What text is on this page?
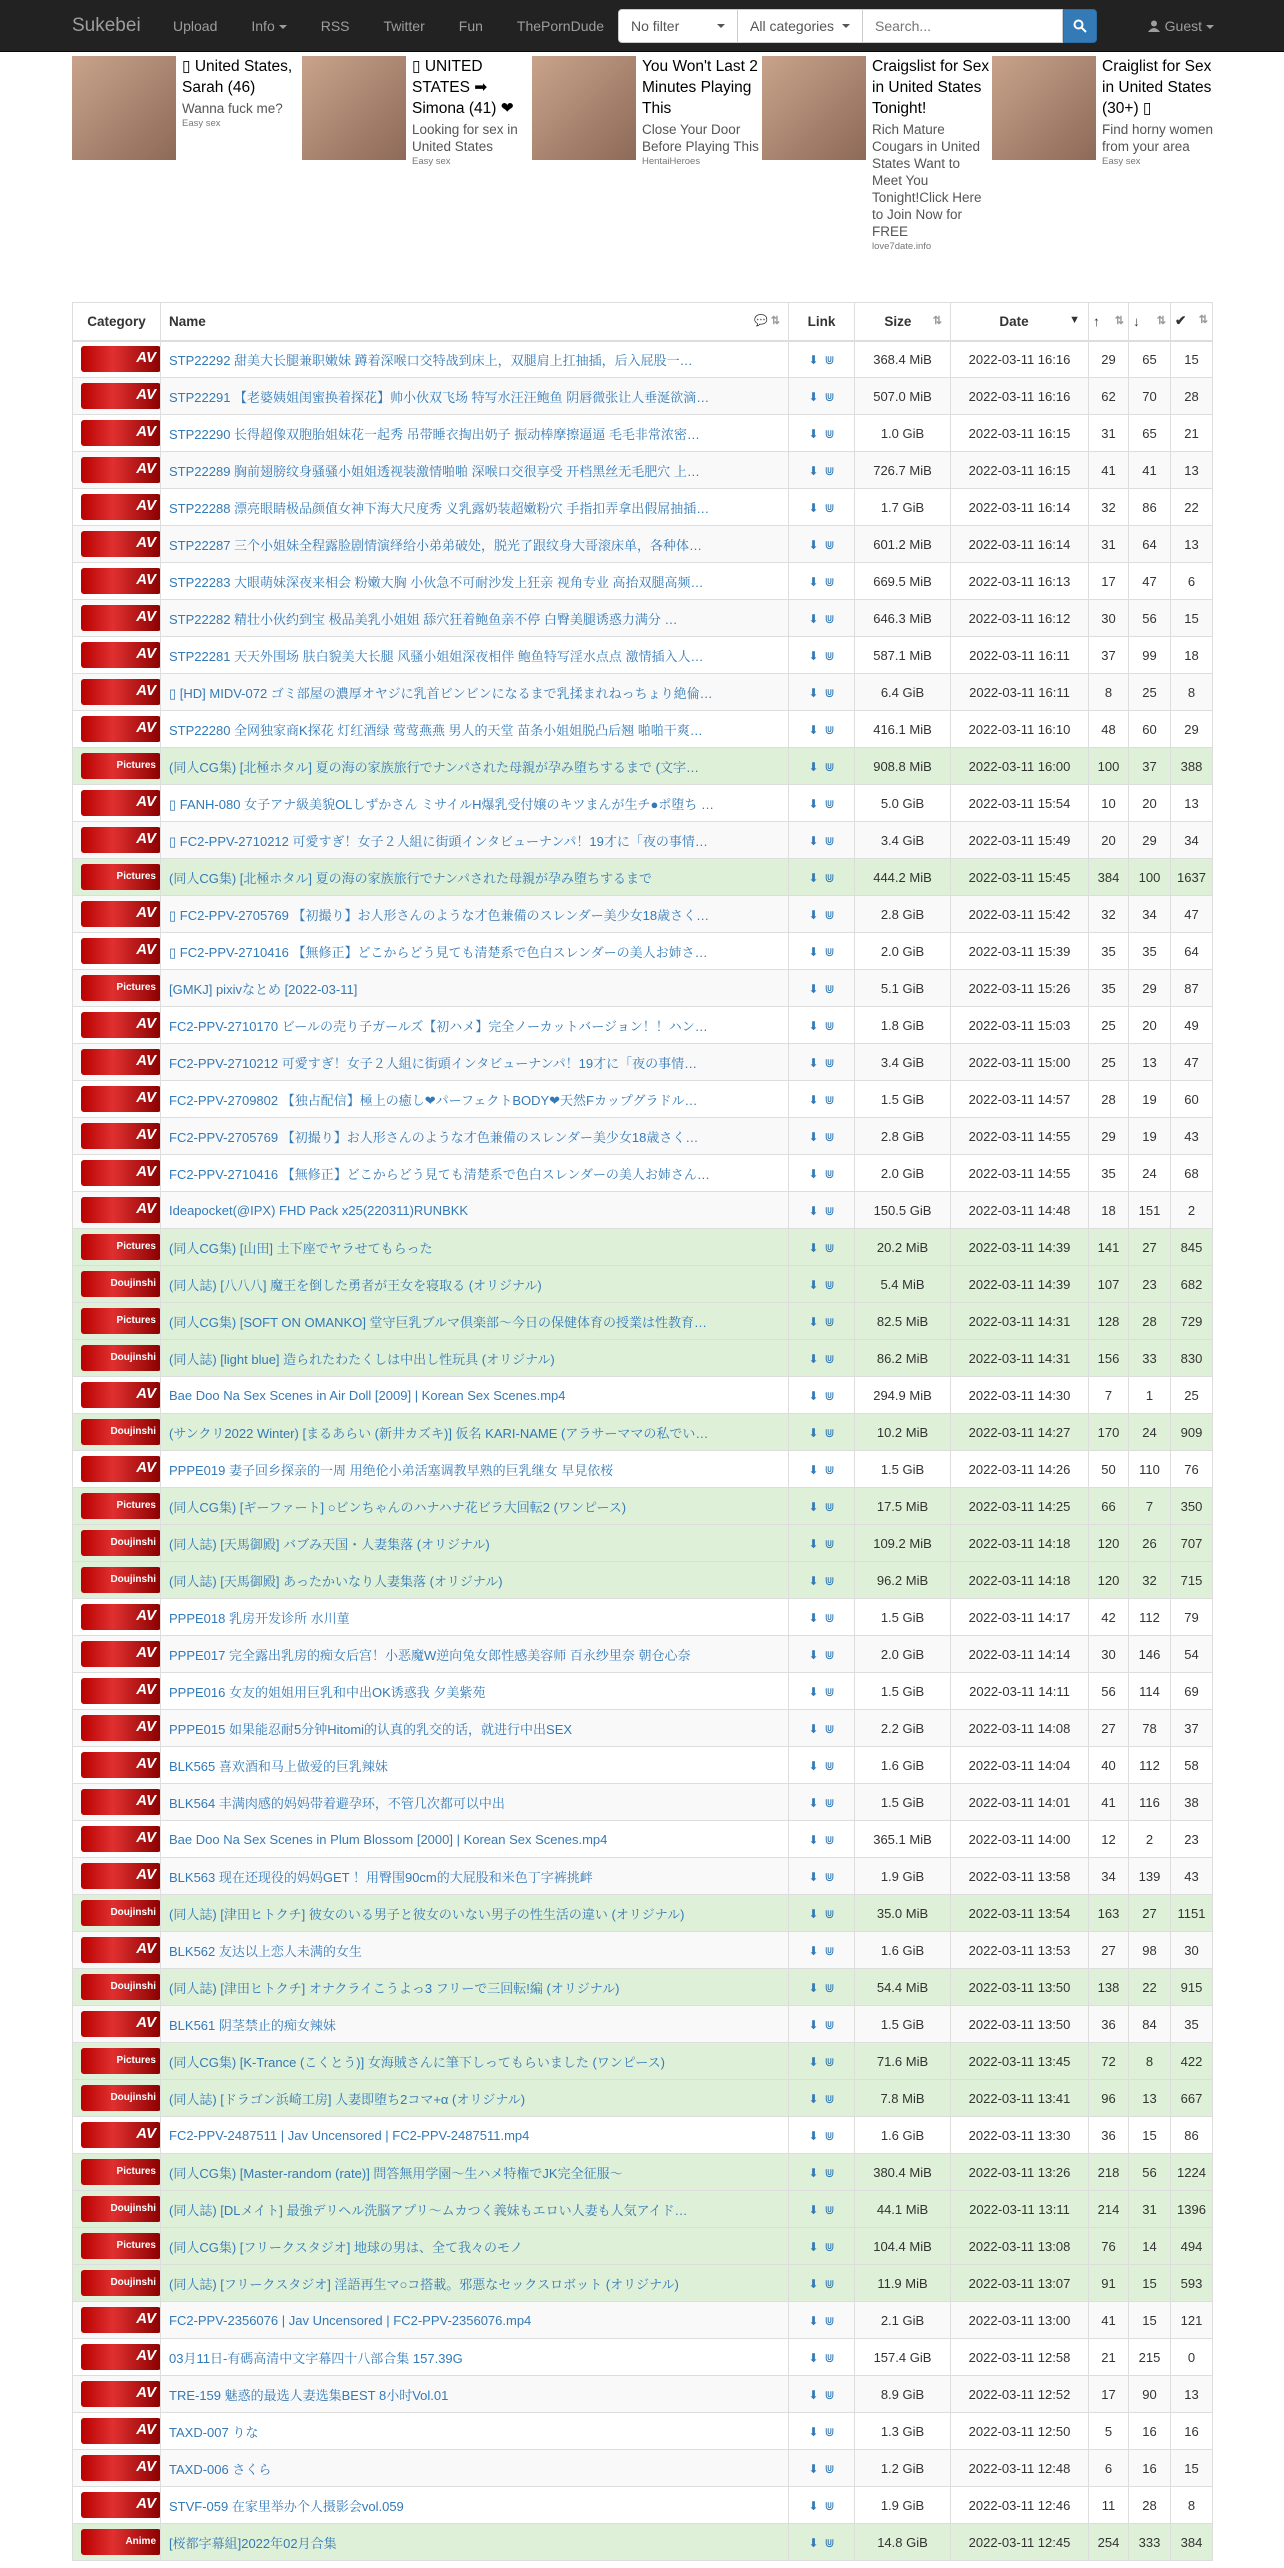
Sukebei	Upload	Info	RSS	Twitter	Fun	ThePornDude	No filter	All categories
Search...	Guest
▯ United States, Sarah (46)
Wanna fuck me?
Easy sex
▯ UNITED STATES ➡ Simona (41) ❤
Looking for sex in United States
Easy sex
You Won't Last 2 Minutes Playing This
Close Your Door Before Playing This
HentaiHeroes
Craigslist for Sex in United States Tonight!
Rich Mature Cougars in United States Want to Meet You Tonight!Click Here to Join Now for FREE
love7date.info
Craiglist for Sex in United States (30+) ▯
Find horny women from your area
Easy sex
Category	Name 💬 ⇅	Link	Size ⇅	Date ▼	↑ ⇅	↓ ⇅	✔ ⇅

AV	STP22292 甜美大长腿兼职嫩妹 蹲着深喉口交特战到床上，双腿肩上扛抽插，后入屁股一…	⬇ ⋓	368.4 MiB	2022-03-11 16:16	29	65	15

AV	STP22291 【老婆姨姐闺蜜换着探花】帅小伙双飞场 特写水汪汪鲍鱼 阴唇微张让人垂涎欲滴…	⬇ ⋓	507.0 MiB	2022-03-11 16:16	62	70	28

AV	STP22290 长得超像双胞胎姐妹花一起秀 吊带睡衣掏出奶子 振动棒摩擦逼逼 毛毛非常浓密…	⬇ ⋓	1.0 GiB	2022-03-11 16:15	31	65	21

AV	STP22289 胸前翅膀纹身骚骚小姐姐透视装激情啪啪 深喉口交很享受 开档黑丝无毛肥穴 上…	⬇ ⋓	726.7 MiB	2022-03-11 16:15	41	41	13

AV	STP22288 漂亮眼睛极品颜值女神下海大尺度秀 义乳露奶装超嫩粉穴 手指扣弄拿出假屌抽插…	⬇ ⋓	1.7 GiB	2022-03-11 16:14	32	86	22

AV	STP22287 三个小姐妹全程露脸剧情演绎给小弟弟破处，脱光了跟纹身大哥滚床单，各种体…	⬇ ⋓	601.2 MiB	2022-03-11 16:14	31	64	13

AV	STP22283 大眼萌妹深夜来相会 粉嫩大胸 小伙急不可耐沙发上狂亲 视角专业 高抬双腿高频…	⬇ ⋓	669.5 MiB	2022-03-11 16:13	17	47	6

AV	STP22282 精壮小伙约到宝 极品美乳小姐姐 舔穴狂着鲍鱼亲不停 白臀美腿诱惑力满分 …	⬇ ⋓	646.3 MiB	2022-03-11 16:12	30	56	15

AV	STP22281 天天外围场 肤白貌美大长腿 风骚小姐姐深夜相伴 鲍鱼特写淫水点点 激情插入人…	⬇ ⋓	587.1 MiB	2022-03-11 16:11	37	99	18

AV	▯ [HD] MIDV-072 ゴミ部屋の濃厚オヤジに乳首ビンビンになるまで乳揉まれねっちょり絶倫…	⬇ ⋓	6.4 GiB	2022-03-11 16:11	8	25	8

AV	STP22280 全网独家商K探花 灯红酒绿 莺莺燕燕 男人的天堂 苗条小姐姐脱凸后翘 啪啪干爽…	⬇ ⋓	416.1 MiB	2022-03-11 16:10	48	60	29

Pictures	(同人CG集) [北極ホタル] 夏の海の家族旅行でナンパされた母親が孕み堕ちするまで (文字…	⬇ ⋓	908.8 MiB	2022-03-11 16:00	100	37	388

AV	▯ FANH-080 女子アナ級美貌OLしずかさん ミサイルH爆乳受付嬢のキツまんが生チ●ポ堕ち …	⬇ ⋓	5.0 GiB	2022-03-11 15:54	10	20	13

AV	▯ FC2-PPV-2710212 可愛すぎ！女子２人組に街頭インタビューナンパ！19才に「夜の事情…	⬇ ⋓	3.4 GiB	2022-03-11 15:49	20	29	34

Pictures	(同人CG集) [北極ホタル] 夏の海の家族旅行でナンパされた母親が孕み堕ちするまで	⬇ ⋓	444.2 MiB	2022-03-11 15:45	384	100	1637

AV	▯ FC2-PPV-2705769 【初撮り】お人形さんのような才色兼備のスレンダー美少女18歳さく…	⬇ ⋓	2.8 GiB	2022-03-11 15:42	32	34	47

AV	▯ FC2-PPV-2710416 【無修正】どこからどう見ても清楚系で色白スレンダーの美人お姉さ…	⬇ ⋓	2.0 GiB	2022-03-11 15:39	35	35	64

Pictures	[GMKJ] pixivなとめ [2022-03-11]	⬇ ⋓	5.1 GiB	2022-03-11 15:26	35	29	87

AV	FC2-PPV-2710170 ビールの売り子ガールズ【初ハメ】完全ノーカットバージョン！！ハン…	⬇ ⋓	1.8 GiB	2022-03-11 15:03	25	20	49

AV	FC2-PPV-2710212 可愛すぎ！女子２人組に街頭インタビューナンパ！19才に「夜の事情…	⬇ ⋓	3.4 GiB	2022-03-11 15:00	25	13	47

AV	FC2-PPV-2709802 【独占配信】極上の癒し❤パーフェクトBODY❤天然Fカップグラドル…	⬇ ⋓	1.5 GiB	2022-03-11 14:57	28	19	60

AV	FC2-PPV-2705769 【初撮り】お人形さんのような才色兼備のスレンダー美少女18歳さく…	⬇ ⋓	2.8 GiB	2022-03-11 14:55	29	19	43

AV	FC2-PPV-2710416 【無修正】どこからどう見ても清楚系で色白スレンダーの美人お姉さん…	⬇ ⋓	2.0 GiB	2022-03-11 14:55	35	24	68

AV	Ideapocket(@IPX) FHD Pack x25(220311)RUNBKK	⬇ ⋓	150.5 GiB	2022-03-11 14:48	18	151	2

Pictures	(同人CG集) [山田] 土下座でヤラせてもらった	⬇ ⋓	20.2 MiB	2022-03-11 14:39	141	27	845

Doujinshi	(同人誌) [八八八] 魔王を倒した勇者が王女を寝取る (オリジナル)	⬇ ⋓	5.4 MiB	2022-03-11 14:39	107	23	682

Pictures	(同人CG集) [SOFT ON OMANKO] 堂守巨乳ブルマ倶楽部～今日の保健体育の授業は性教育…	⬇ ⋓	82.5 MiB	2022-03-11 14:31	128	28	729

Doujinshi	(同人誌) [light blue] 造られたわたくしは中出し性玩具 (オリジナル)	⬇ ⋓	86.2 MiB	2022-03-11 14:31	156	33	830

AV	Bae Doo Na Sex Scenes in Air Doll [2009] | Korean Sex Scenes.mp4	⬇ ⋓	294.9 MiB	2022-03-11 14:30	7	1	25

Doujinshi	(サンクリ2022 Winter) [まるあらい (新井カズキ)] 仮名 KARI-NAME (アラサーママの私でい…	⬇ ⋓	10.2 MiB	2022-03-11 14:27	170	24	909

AV	PPPE019 妻子回乡探亲的一周 用绝伦小弟活塞调教早熟的巨乳继女 早見依桜	⬇ ⋓	1.5 GiB	2022-03-11 14:26	50	110	76

Pictures	(同人CG集) [ギーファート] ○ビンちゃんのハナハナ花ビラ大回転2 (ワンピース)	⬇ ⋓	17.5 MiB	2022-03-11 14:25	66	7	350

Doujinshi	(同人誌) [天馬御殿] バブみ天国・人妻集落 (オリジナル)	⬇ ⋓	109.2 MiB	2022-03-11 14:18	120	26	707

Doujinshi	(同人誌) [天馬御殿] あったかいなり人妻集落 (オリジナル)	⬇ ⋓	96.2 MiB	2022-03-11 14:18	120	32	715

AV	PPPE018 乳房开发诊所 水川菫	⬇ ⋓	1.5 GiB	2022-03-11 14:17	42	112	79

AV	PPPE017 完全露出乳房的痴女后宫！小恶魔W逆向兔女郎性感美容师 百永纱里奈 朝仓心奈	⬇ ⋓	2.0 GiB	2022-03-11 14:14	30	146	54

AV	PPPE016 女友的姐姐用巨乳和中出OK诱惑我 夕美紫苑	⬇ ⋓	1.5 GiB	2022-03-11 14:11	56	114	69

AV	PPPE015 如果能忍耐5分钟Hitomi的认真的乳交的话，就进行中出SEX	⬇ ⋓	2.2 GiB	2022-03-11 14:08	27	78	37

AV	BLK565 喜欢酒和马上做爱的巨乳辣妹	⬇ ⋓	1.6 GiB	2022-03-11 14:04	40	112	58

AV	BLK564 丰满肉感的妈妈带着避孕环，不管几次都可以中出	⬇ ⋓	1.5 GiB	2022-03-11 14:01	41	116	38

AV	Bae Doo Na Sex Scenes in Plum Blossom [2000] | Korean Sex Scenes.mp4	⬇ ⋓	365.1 MiB	2022-03-11 14:00	12	2	23

AV	BLK563 现在还现役的妈妈GET ！用臀围90cm的大屁股和米色丁字裤挑衅	⬇ ⋓	1.9 GiB	2022-03-11 13:58	34	139	43

Doujinshi	(同人誌) [津田ヒトクチ] 彼女のいる男子と彼女のいない男子の性生活の違い (オリジナル)	⬇ ⋓	35.0 MiB	2022-03-11 13:54	163	27	1151

AV	BLK562 友达以上恋人未满的女生	⬇ ⋓	1.6 GiB	2022-03-11 13:53	27	98	30

Doujinshi	(同人誌) [津田ヒトクチ] オナクライこうよっ3 フリーで三回転!編 (オリジナル)	⬇ ⋓	54.4 MiB	2022-03-11 13:50	138	22	915

AV	BLK561 阴茎禁止的痴女辣妹	⬇ ⋓	1.5 GiB	2022-03-11 13:50	36	84	35

Pictures	(同人CG集) [K-Trance (こくとう)] 女海賊さんに筆下しってもらいました (ワンピース)	⬇ ⋓	71.6 MiB	2022-03-11 13:45	72	8	422

Doujinshi	(同人誌) [ドラゴン浜崎工房] 人妻即堕ち2コマ+α (オリジナル)	⬇ ⋓	7.8 MiB	2022-03-11 13:41	96	13	667

AV	FC2-PPV-2487511 | Jav Uncensored | FC2-PPV-2487511.mp4	⬇ ⋓	1.6 GiB	2022-03-11 13:30	36	15	86

Pictures	(同人CG集) [Master-random (rate)] 問答無用学園～生ハメ特権でJK完全征服～	⬇ ⋓	380.4 MiB	2022-03-11 13:26	218	56	1224

Doujinshi	(同人誌) [DLメイト] 最強デリヘル洗脳アプリ～ムカつく義妹もエロい人妻も人気アイド…	⬇ ⋓	44.1 MiB	2022-03-11 13:11	214	31	1396

Pictures	(同人CG集) [フリークスタジオ] 地球の男は、全て我々のモノ	⬇ ⋓	104.4 MiB	2022-03-11 13:08	76	14	494

Doujinshi	(同人誌) [フリークスタジオ] 淫語再生マ○コ搭載。邪悪なセックスロボット (オリジナル)	⬇ ⋓	11.9 MiB	2022-03-11 13:07	91	15	593

AV	FC2-PPV-2356076 | Jav Uncensored | FC2-PPV-2356076.mp4	⬇ ⋓	2.1 GiB	2022-03-11 13:00	41	15	121

AV	03月11日-有碼高清中文字幕四十八部合集 157.39G	⬇ ⋓	157.4 GiB	2022-03-11 12:58	21	215	0

AV	TRE-159 魅惑的最选人妻选集BEST 8小时Vol.01	⬇ ⋓	8.9 GiB	2022-03-11 12:52	17	90	13

AV	TAXD-007 りな	⬇ ⋓	1.3 GiB	2022-03-11 12:50	5	16	16

AV	TAXD-006 さくら	⬇ ⋓	1.2 GiB	2022-03-11 12:48	6	16	15

AV	STVF-059 在家里举办个人摄影会vol.059	⬇ ⋓	1.9 GiB	2022-03-11 12:46	11	28	8

Anime	[桜都字幕組]2022年02月合集	⬇ ⋓	14.8 GiB	2022-03-11 12:45	254	333	384
